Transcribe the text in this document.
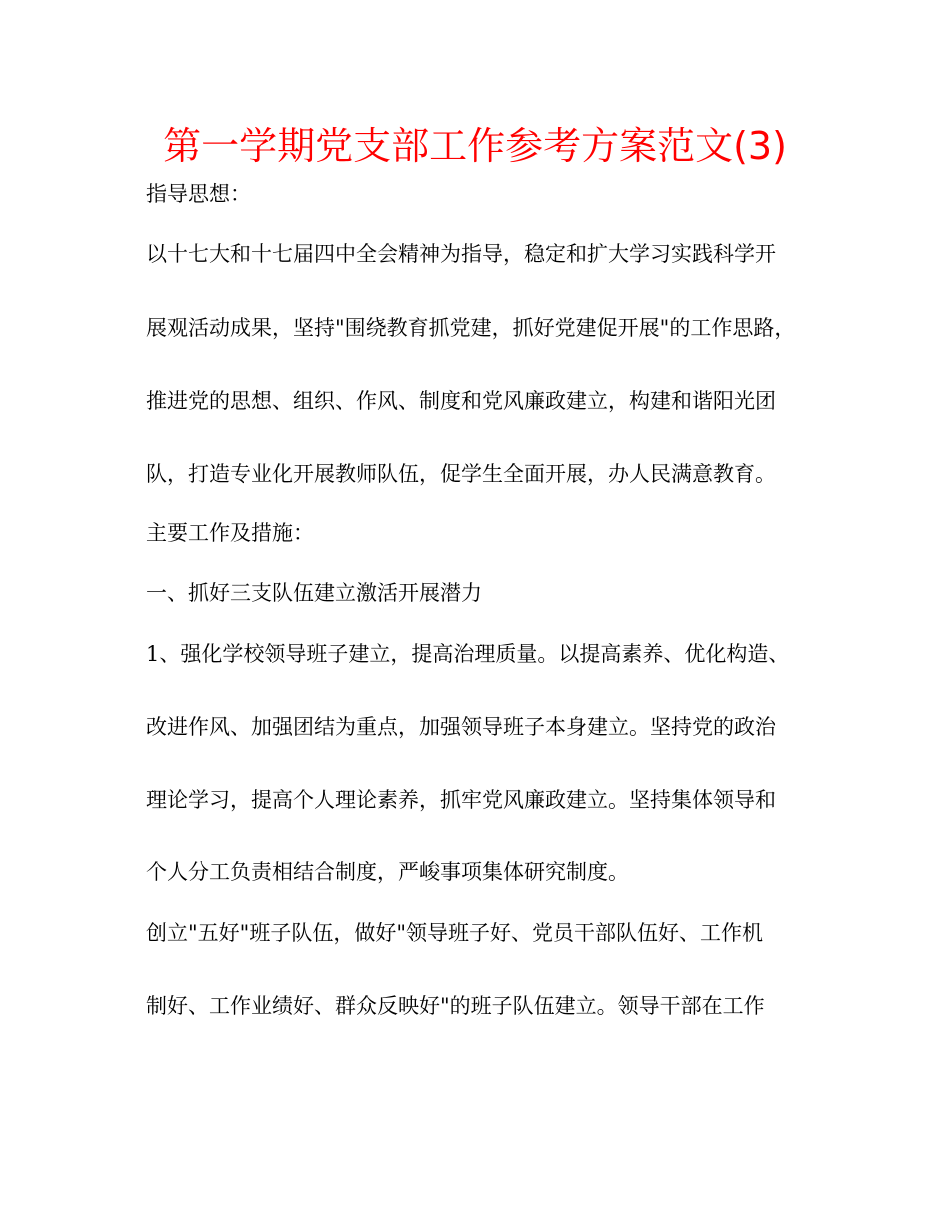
第一学期党支部工作参考方案范文(3)

指导思想：

以十七大和十七届四中全会精神为指导，稳定和扩大学习实践科学开

展观活动成果，坚持"围绕教育抓党建，抓好党建促开展"的工作思路，

推进党的思想、组织、作风、制度和党风廉政建立，构建和谐阳光团

队，打造专业化开展教师队伍，促学生全面开展，办人民满意教育。

主要工作及措施：

一、抓好三支队伍建立激活开展潜力

1、强化学校领导班子建立，提高治理质量。以提高素养、优化构造、

改进作风、加强团结为重点，加强领导班子本身建立。坚持党的政治

理论学习，提高个人理论素养，抓牢党风廉政建立。坚持集体领导和

个人分工负责相结合制度，严峻事项集体研究制度。

创立"五好"班子队伍，做好"领导班子好、党员干部队伍好、工作机

制好、工作业绩好、群众反映好"的班子队伍建立。领导干部在工作
